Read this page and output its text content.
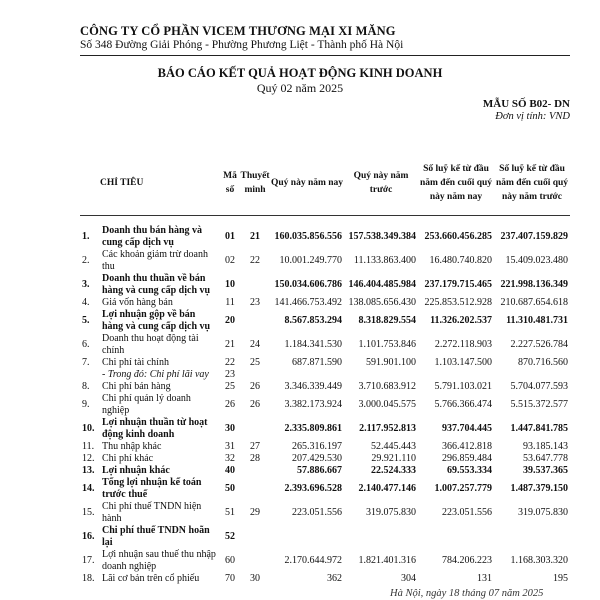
CÔNG TY CỔ PHẦN VICEM THƯƠNG MẠI XI MĂNG
Số 348 Đường Giải Phóng - Phường Phương Liệt - Thành phố Hà Nội
BÁO CÁO KẾT QUẢ HOẠT ĐỘNG KINH DOANH
Quý 02 năm 2025
MẪU SỐ B02- DN
Đơn vị tính: VND
CHỈ TIÊU		Mã số	Thuyết minh	Quý này năm nay	Quý này năm trước	Số luỹ kế từ đầu năm đến cuối quý này năm nay	Số luỹ kế từ đầu năm đến cuối quý này năm trước

1.	Doanh thu bán hàng và cung cấp dịch vụ	01	21	160.035.856.556	157.538.349.384	253.660.456.285	237.407.159.829
2.	Các khoản giảm trừ doanh thu	02	22	10.001.249.770	11.133.863.400	16.480.740.820	15.409.023.480
3.	Doanh thu thuần về bán hàng và cung cấp dịch vụ	10		150.034.606.786	146.404.485.984	237.179.715.465	221.998.136.349
4.	Giá vốn hàng bán	11	23	141.466.753.492	138.085.656.430	225.853.512.928	210.687.654.618
5.	Lợi nhuận gộp về bán hàng và cung cấp dịch vụ	20		8.567.853.294	8.318.829.554	11.326.202.537	11.310.481.731
6.	Doanh thu hoạt động tài chính	21	24	1.184.341.530	1.101.753.846	2.272.118.903	2.227.526.784
7.	Chi phí tài chính	22	25	687.871.590	591.901.100	1.103.147.500	870.716.560
	- Trong đó: Chi phí lãi vay	23					
8.	Chi phí bán hàng	25	26	3.346.339.449	3.710.683.912	5.791.103.021	5.704.077.593
9.	Chi phí quản lý doanh nghiệp	26	26	3.382.173.924	3.000.045.575	5.766.366.474	5.515.372.577
10.	Lợi nhuận thuần từ hoạt động kinh doanh	30		2.335.809.861	2.117.952.813	937.704.445	1.447.841.785
11.	Thu nhập khác	31	27	265.316.197	52.445.443	366.412.818	93.185.143
12.	Chi phí khác	32	28	207.429.530	29.921.110	296.859.484	53.647.778
13.	Lợi nhuận khác	40		57.886.667	22.524.333	69.553.334	39.537.365
14.	Tổng lợi nhuận kế toán trước thuế	50		2.393.696.528	2.140.477.146	1.007.257.779	1.487.379.150
15.	Chi phí thuế TNDN hiện hành	51	29	223.051.556	319.075.830	223.051.556	319.075.830
16.	Chi phí thuế TNDN hoãn lại	52					
17.	Lợi nhuận sau thuế thu nhập doanh nghiệp	60		2.170.644.972	1.821.401.316	784.206.223	1.168.303.320
18.	Lãi cơ bản trên cổ phiếu	70	30	362	304	131	195
Hà Nội, ngày 18 tháng 07 năm 2025
